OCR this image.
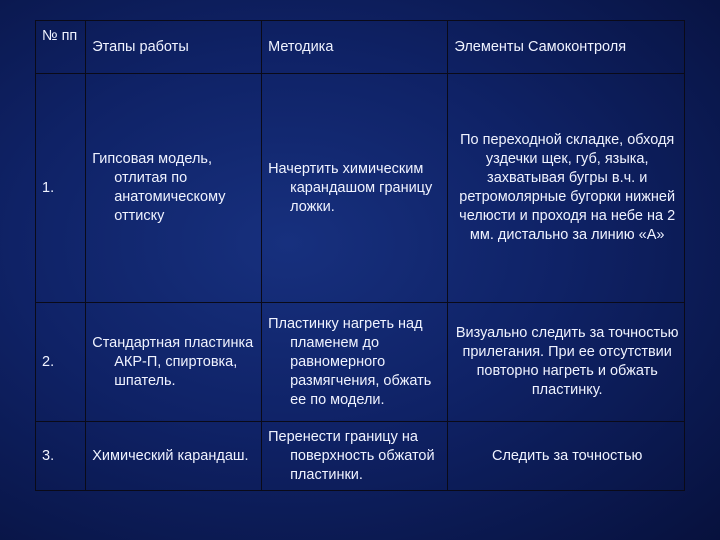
№ пп	Этапы работы	Методика	Элементы Самоконтроля
1.	Гипсовая модель, отлитая по анатомическому оттиску	Начертить химическим карандашом границу ложки.	По переходной складке, обходя уздечки щек, губ, языка, захватывая бугры в.ч. и ретромолярные бугорки нижней челюсти и проходя на небе на 2 мм. дистально за линию «А»

2.	Стандартная пластинка АКР-П, спиртовка, шпатель.	Пластинку нагреть над пламенем до равномерного размягчения, обжать ее по модели.	Визуально следить за точностью прилегания. При ее отсутствии повторно нагреть и обжать пластинку.

3.	Химический карандаш.	Перенести границу на поверхность обжатой пластинки.	Следить за точностью
